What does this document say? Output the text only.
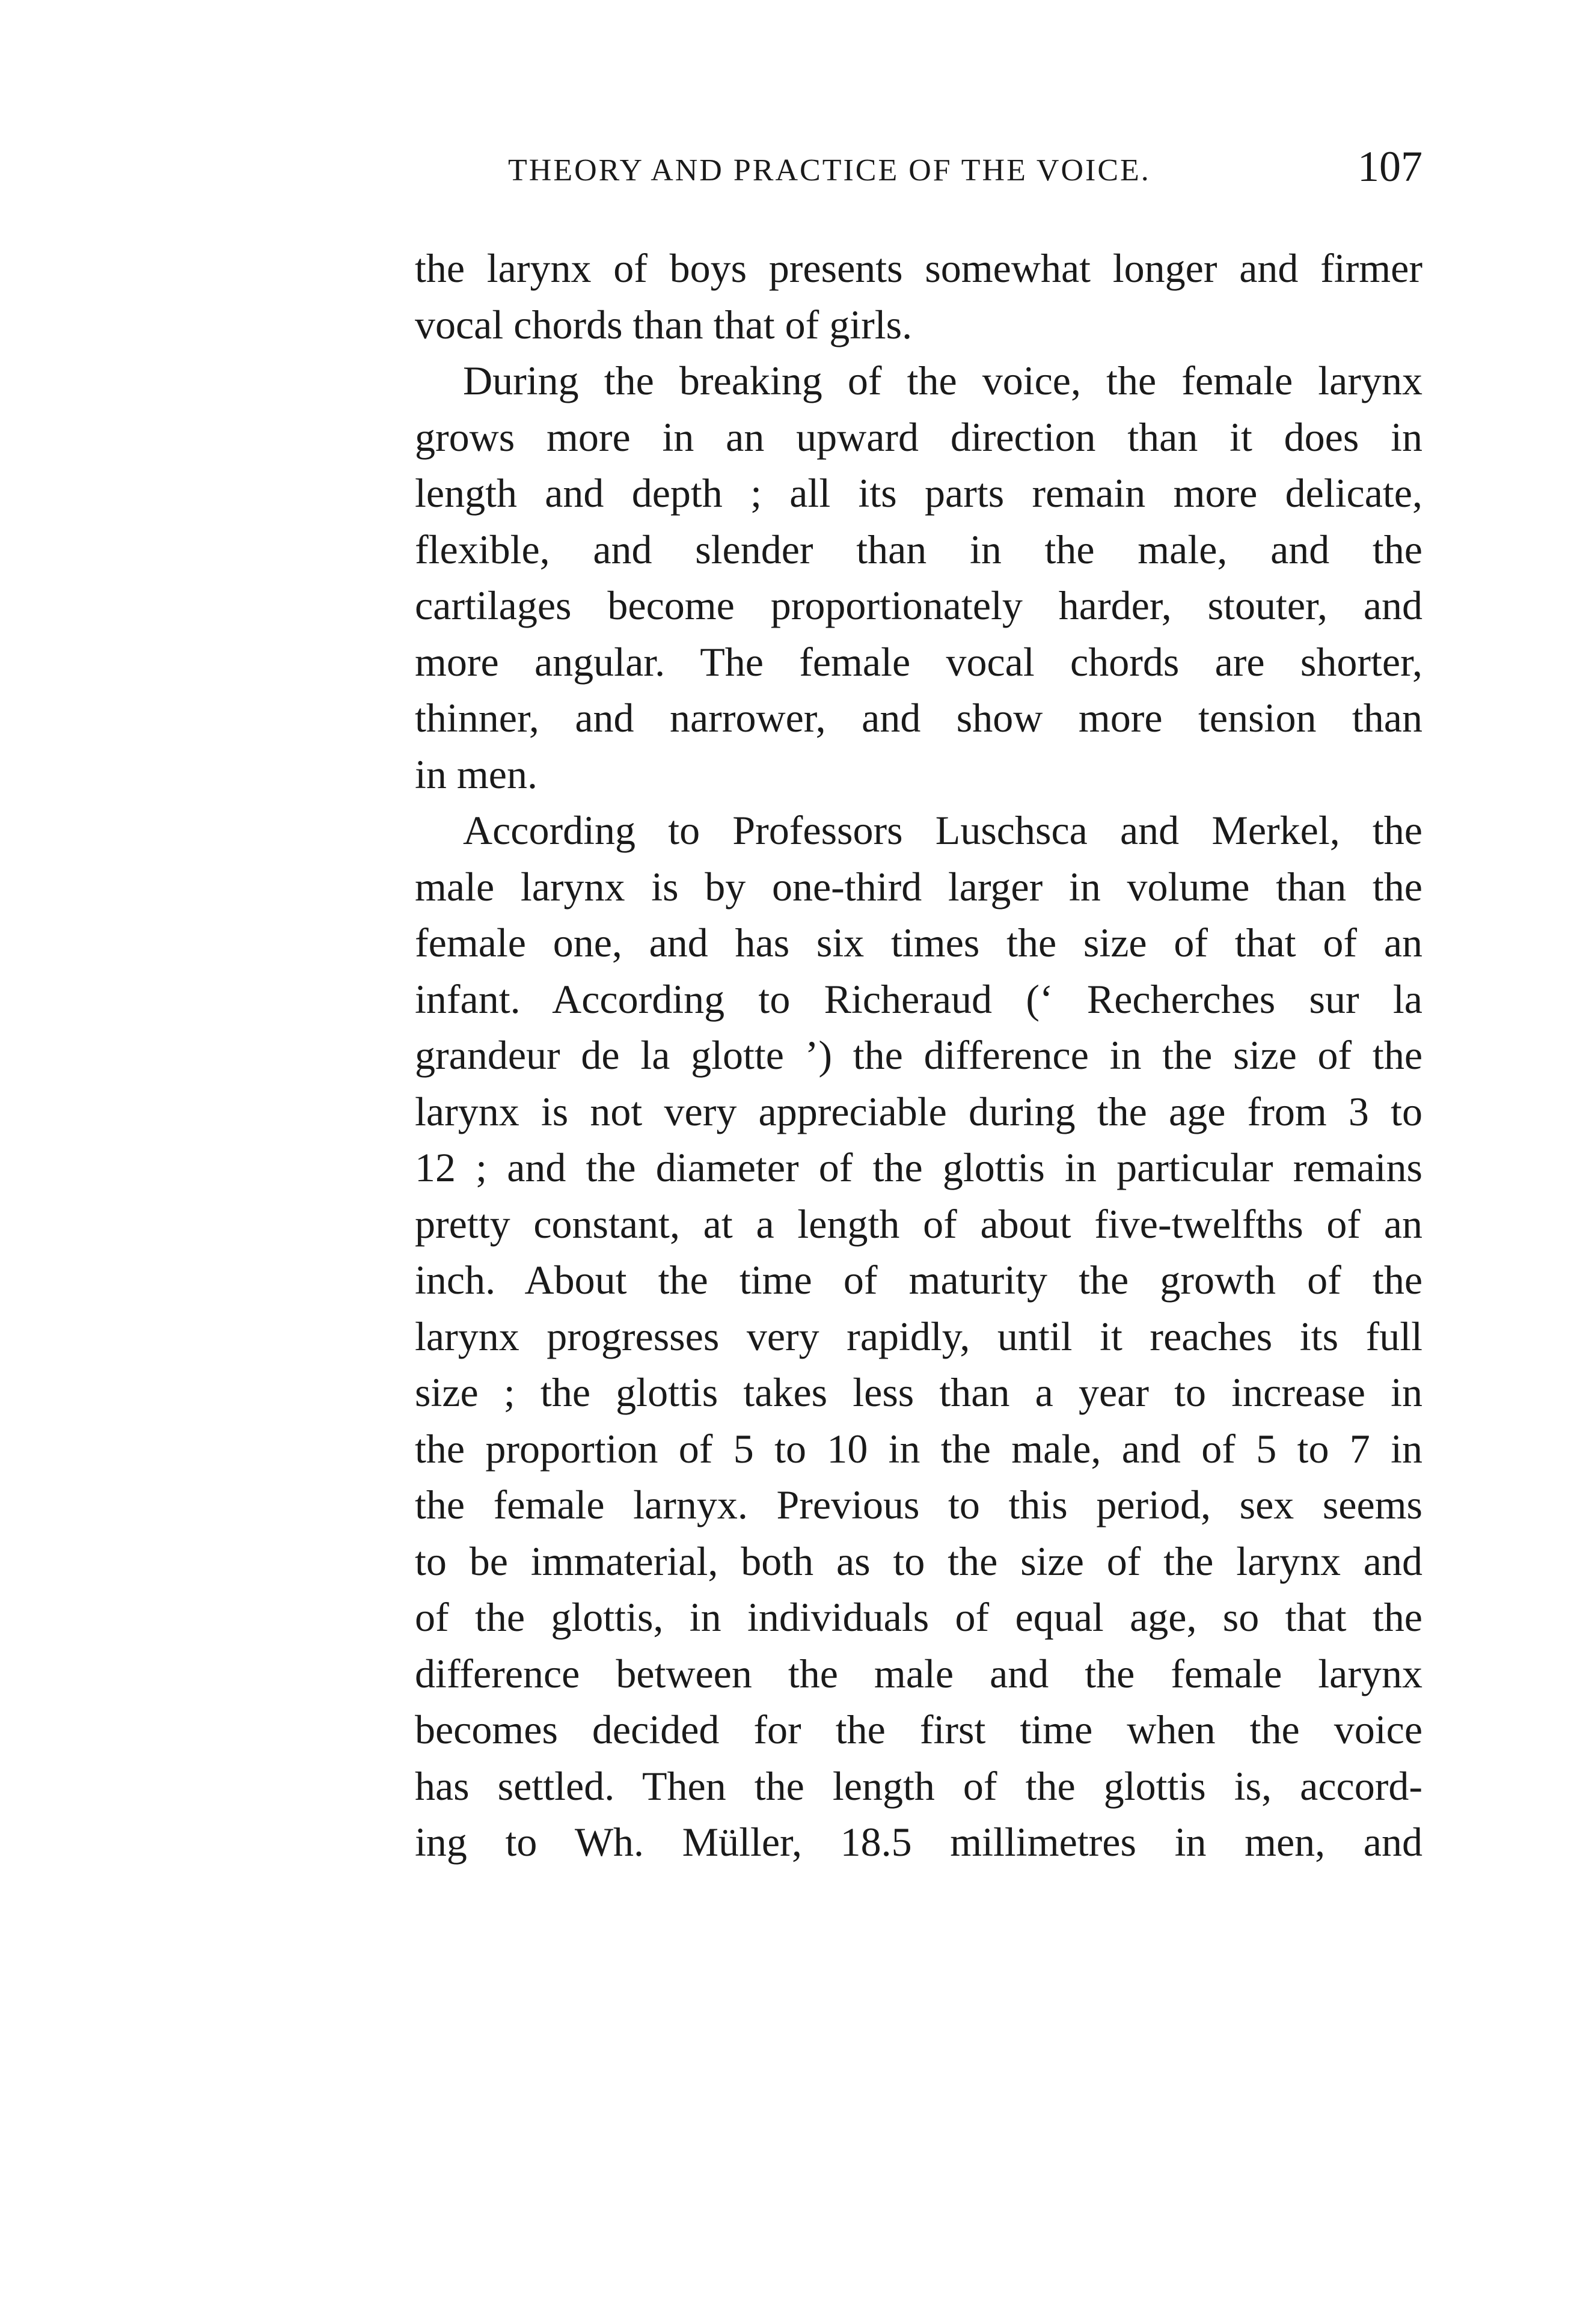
THEORY AND PRACTICE OF THE VOICE.	107
the larynx of boys presents somewhat longer and firmer
vocal chords than that of girls.
During the breaking of the voice, the female larynx
grows more in an upward direction than it does in
length and depth ; all its parts remain more delicate,
flexible, and slender than in the male, and the
cartilages become proportionately harder, stouter, and
more angular. The female vocal chords are shorter,
thinner, and narrower, and show more tension than
in men.
According to Professors Luschsca and Merkel, the
male larynx is by one-third larger in volume than the
female one, and has six times the size of that of an
infant. According to Richeraud (‘ Recherches sur la
grandeur de la glotte ’) the difference in the size of the
larynx is not very appreciable during the age from 3 to
12 ; and the diameter of the glottis in particular remains
pretty constant, at a length of about five-twelfths of an
inch. About the time of maturity the growth of the
larynx progresses very rapidly, until it reaches its full
size ; the glottis takes less than a year to increase in
the proportion of 5 to 10 in the male, and of 5 to 7 in
the female larnyx. Previous to this period, sex seems
to be immaterial, both as to the size of the larynx and
of the glottis, in individuals of equal age, so that the
difference between the male and the female larynx
becomes decided for the first time when the voice
has settled. Then the length of the glottis is, accord-
ing to Wh. Müller, 18.5 millimetres in men, and
